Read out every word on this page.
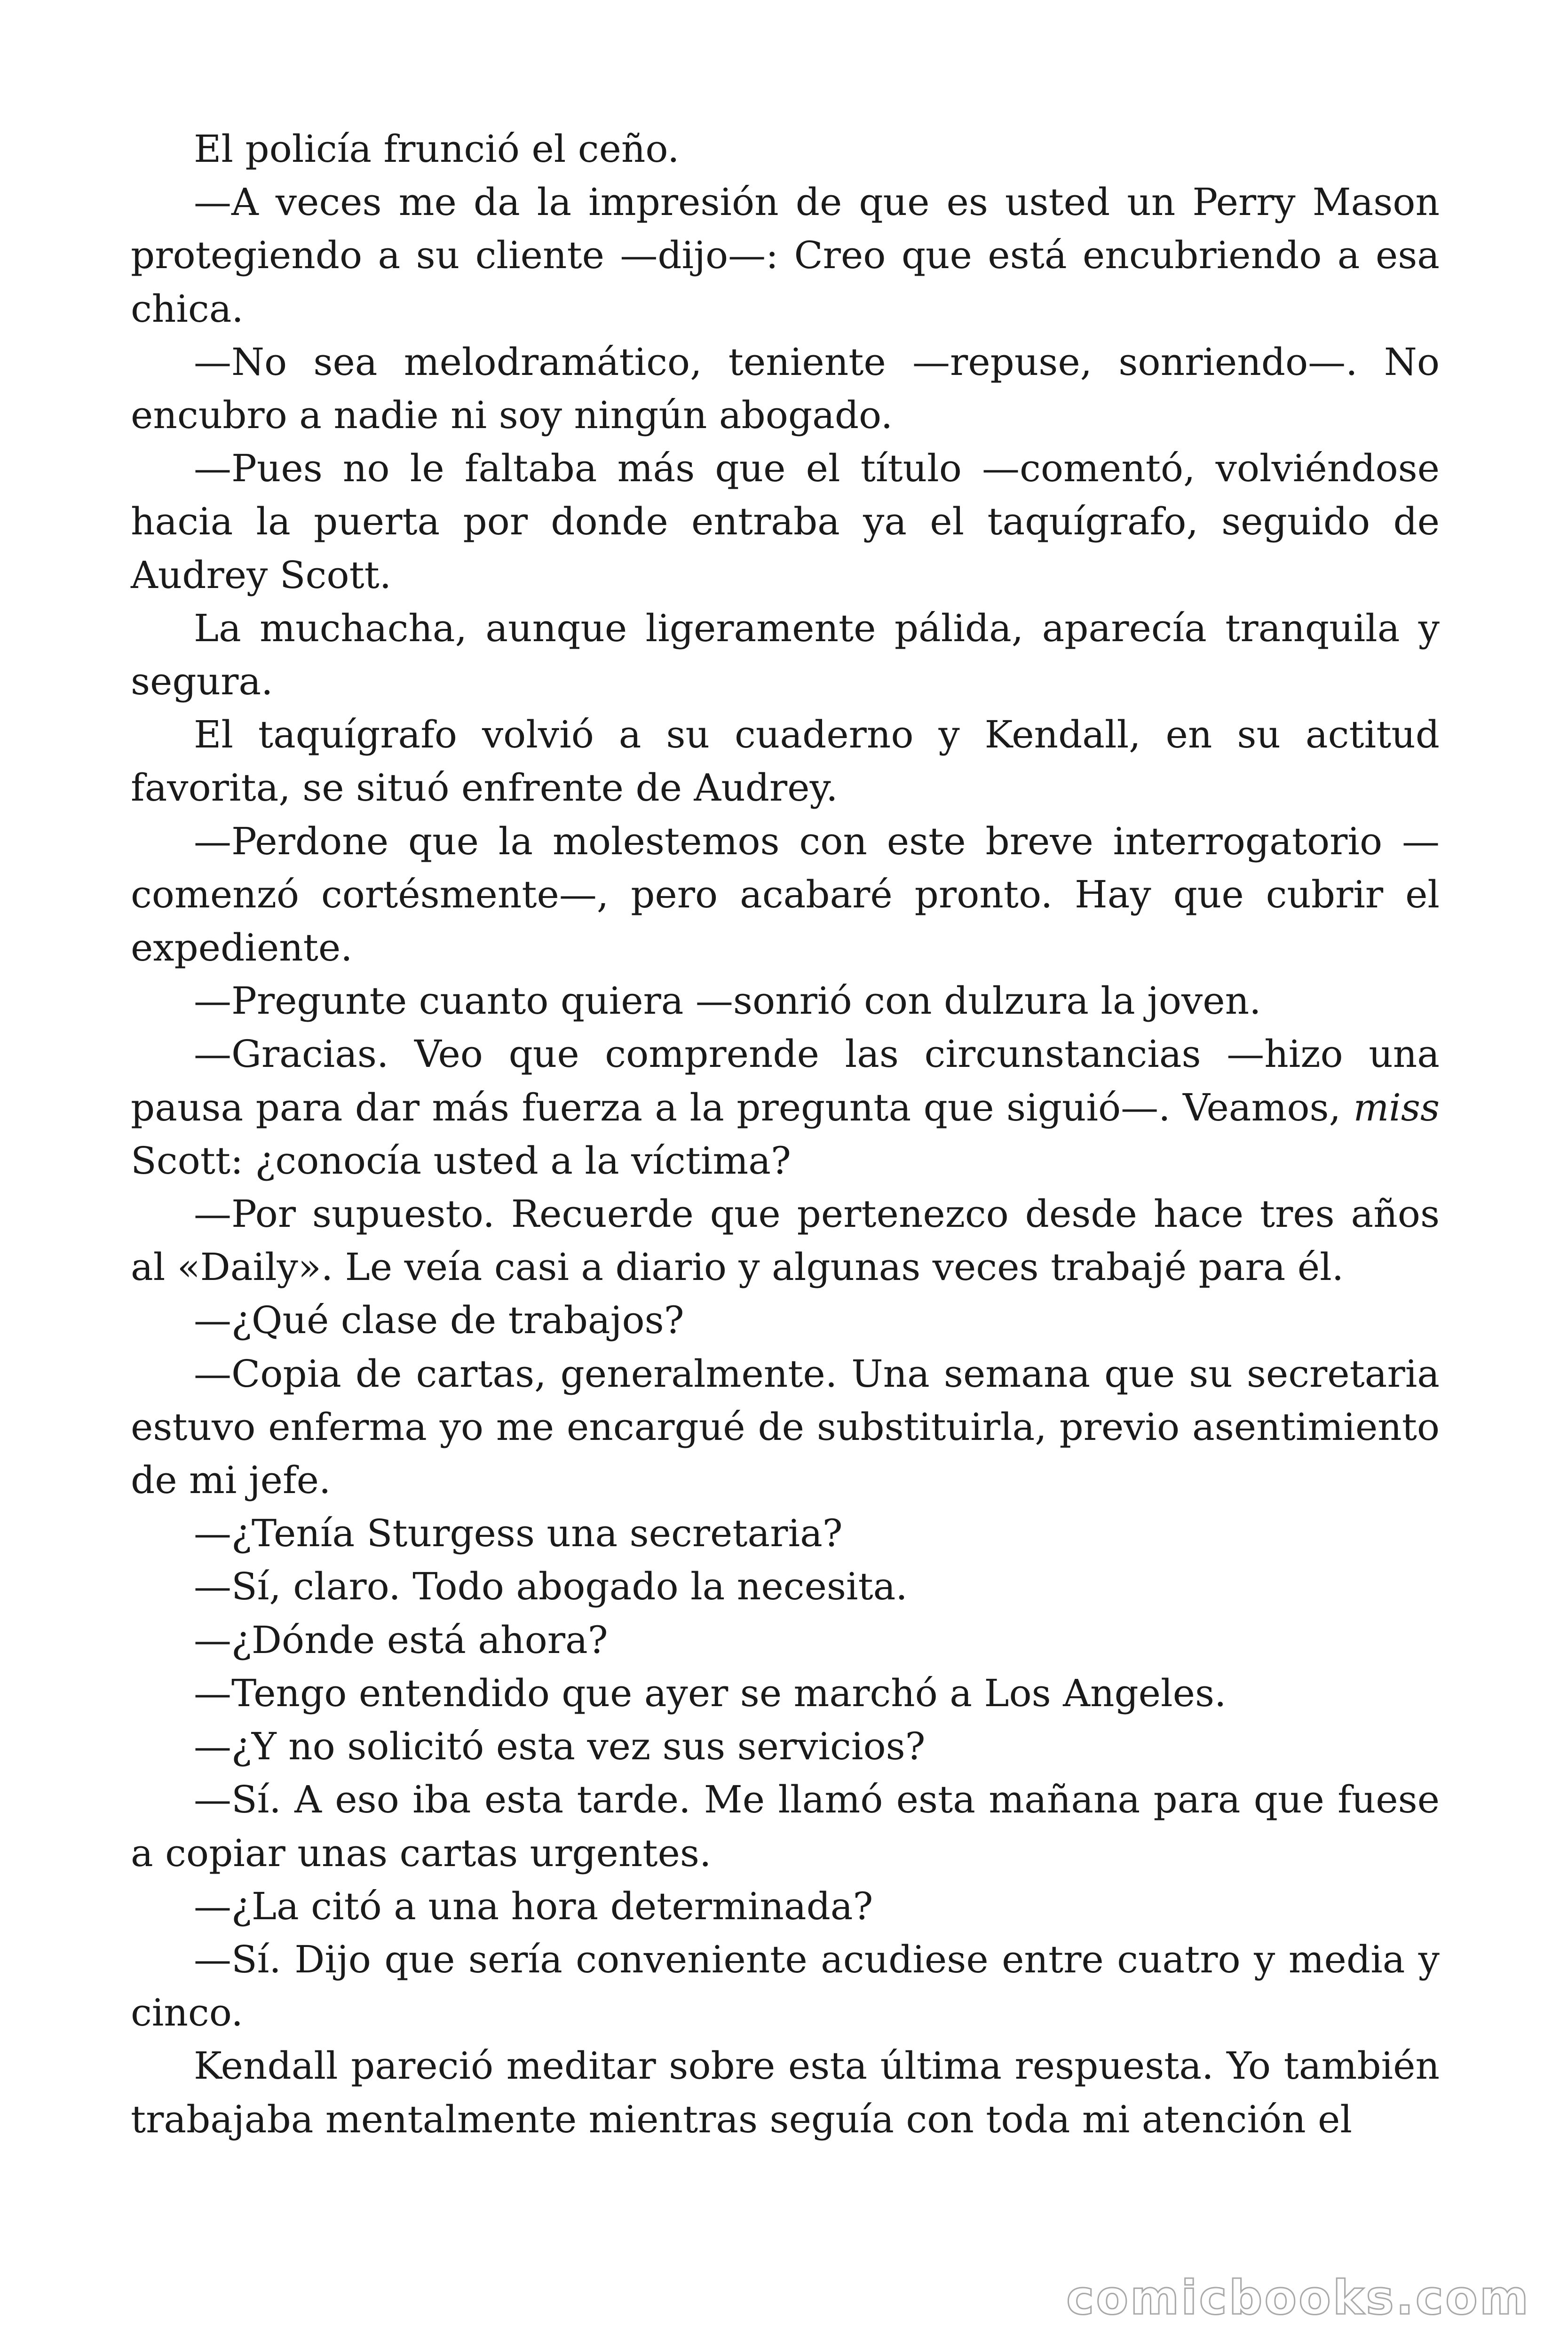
El policía frunció el ceño.

—A veces me da la impresión de que es usted un Perry Mason protegiendo a su cliente —dijo—: Creo que está encubriendo a esa chica.

—No sea melodramático, teniente —repuse, sonriendo—. No encubro a nadie ni soy ningún abogado.

—Pues no le faltaba más que el título —comentó, volviéndose hacia la puerta por donde entraba ya el taquígrafo, seguido de Audrey Scott.

La muchacha, aunque ligeramente pálida, aparecía tranquila y segura.

El taquígrafo volvió a su cuaderno y Kendall, en su actitud favorita, se situó enfrente de Audrey.

—Perdone que la molestemos con este breve interrogatorio — comenzó cortésmente—, pero acabaré pronto. Hay que cubrir el expediente.

—Pregunte cuanto quiera —sonrió con dulzura la joven.

—Gracias. Veo que comprende las circunstancias —hizo una pausa para dar más fuerza a la pregunta que siguió—. Veamos, miss Scott: ¿conocía usted a la víctima?

—Por supuesto. Recuerde que pertenezco desde hace tres años al «Daily». Le veía casi a diario y algunas veces trabajé para él.

—¿Qué clase de trabajos?

—Copia de cartas, generalmente. Una semana que su secretaria estuvo enferma yo me encargué de substituirla, previo asentimiento de mi jefe.

—¿Tenía Sturgess una secretaria?

—Sí, claro. Todo abogado la necesita.

—¿Dónde está ahora?

—Tengo entendido que ayer se marchó a Los Angeles.

—¿Y no solicitó esta vez sus servicios?

—Sí. A eso iba esta tarde. Me llamó esta mañana para que fuese a copiar unas cartas urgentes.

—¿La citó a una hora determinada?

—Sí. Dijo que sería conveniente acudiese entre cuatro y media y cinco.

Kendall pareció meditar sobre esta última respuesta. Yo también trabajaba mentalmente mientras seguía con toda mi atención el

comicbooks.com
